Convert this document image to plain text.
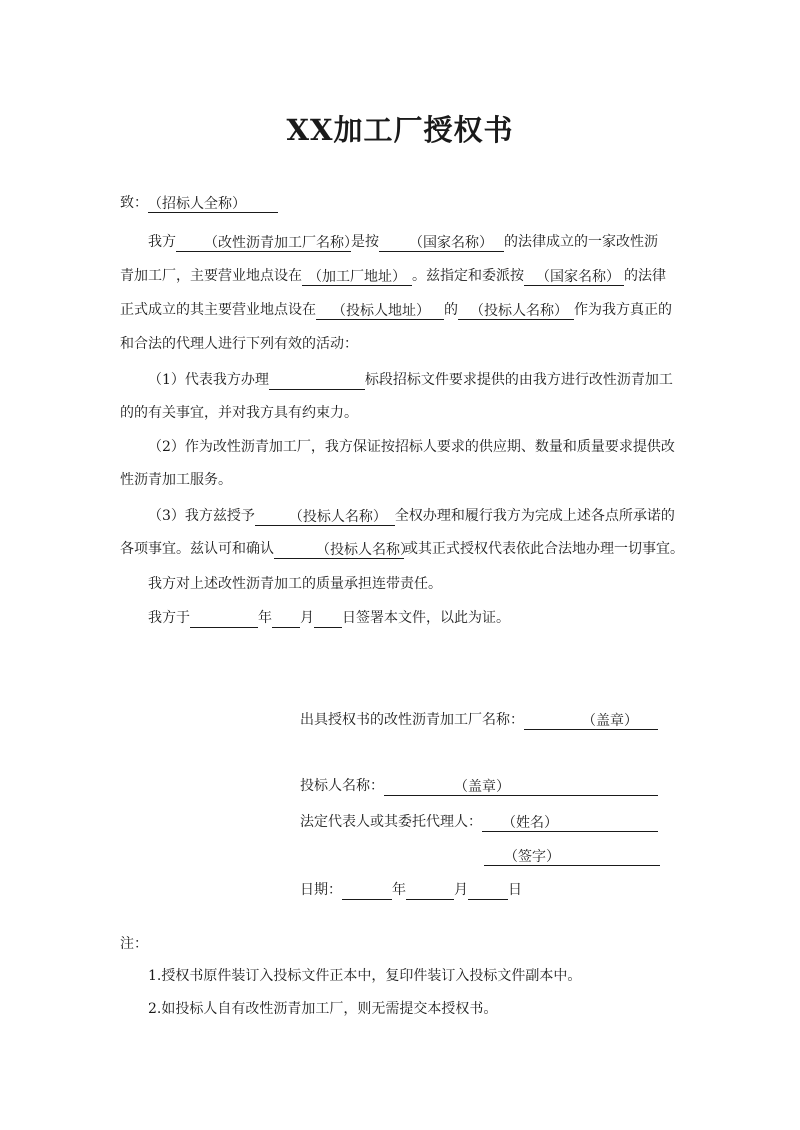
XX加工厂授权书
致： （招标人全称）
我方 （改性沥青加工厂名称）
是按 （国家名称） 的法律成立的一家改性沥
青加工厂，主要营业地点设在 （加工厂地址） 。兹指定和委派按 （国家名称） 的法律
正式成立的其主要营业地点设在 （投标人地址） 的 （投标人名称） 作为我方真正的
和合法的代理人进行下列有效的活动：
（1）代表我方办理	标段招标文件要求提供的由我方进行改性沥青加工
的的有关事宜，并对我方具有约束力。
（2）作为改性沥青加工厂，我方保证按招标人要求的供应期、数量和质量要求提供改
性沥青加工服务。
（3）我方兹授予 （投标人名称） 全权办理和履行我方为完成上述各点所承诺的
各项事宜。兹认可和确认	（投标人名称）
或其正式授权代表依此合法地办理一切事宜。
我方对上述改性沥青加工的质量承担连带责任。
我方于	年 月 日签署本文件，以此为证。
出具授权书的改性沥青加工厂名称：	（盖章）
投标人名称：	（盖章）
法定代表人或其委托代理人： （姓名）
（签字）
日期：	年	月	日
注：
1.授权书原件装订入投标文件正本中，复印件装订入投标文件副本中。
2.如投标人自有改性沥青加工厂，则无需提交本授权书。
